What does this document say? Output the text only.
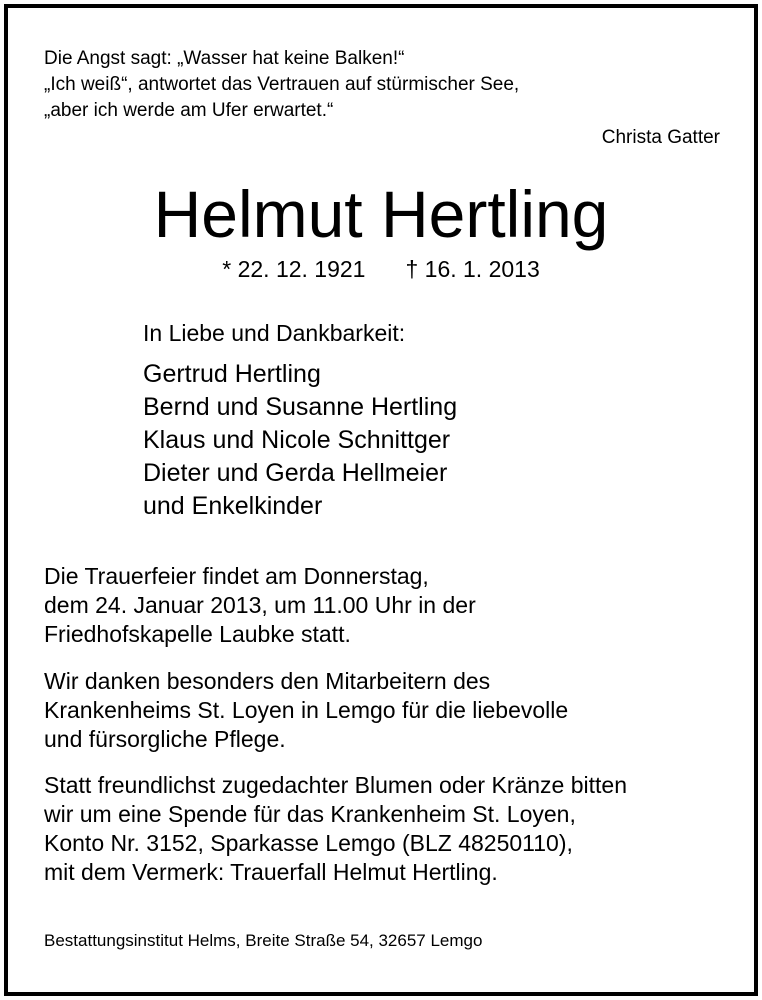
Die Angst sagt: „Wasser hat keine Balken!“
„Ich weiß“, antwortet das Vertrauen auf stürmischer See,
„aber ich werde am Ufer erwartet.“
Christa Gatter
Helmut Hertling
* 22. 12. 1921 † 16. 1. 2013
In Liebe und Dankbarkeit:
Gertrud Hertling
Bernd und Susanne Hertling
Klaus und Nicole Schnittger
Dieter und Gerda Hellmeier
und Enkelkinder
Die Trauerfeier findet am Donnerstag,
dem 24. Januar 2013, um 11.00 Uhr in der
Friedhofskapelle Laubke statt.
Wir danken besonders den Mitarbeitern des
Krankenheims St. Loyen in Lemgo für die liebevolle
und fürsorgliche Pflege.
Statt freundlichst zugedachter Blumen oder Kränze bitten
wir um eine Spende für das Krankenheim St. Loyen,
Konto Nr. 3152, Sparkasse Lemgo (BLZ 48250110),
mit dem Vermerk: Trauerfall Helmut Hertling.
Bestattungsinstitut Helms, Breite Straße 54, 32657 Lemgo
